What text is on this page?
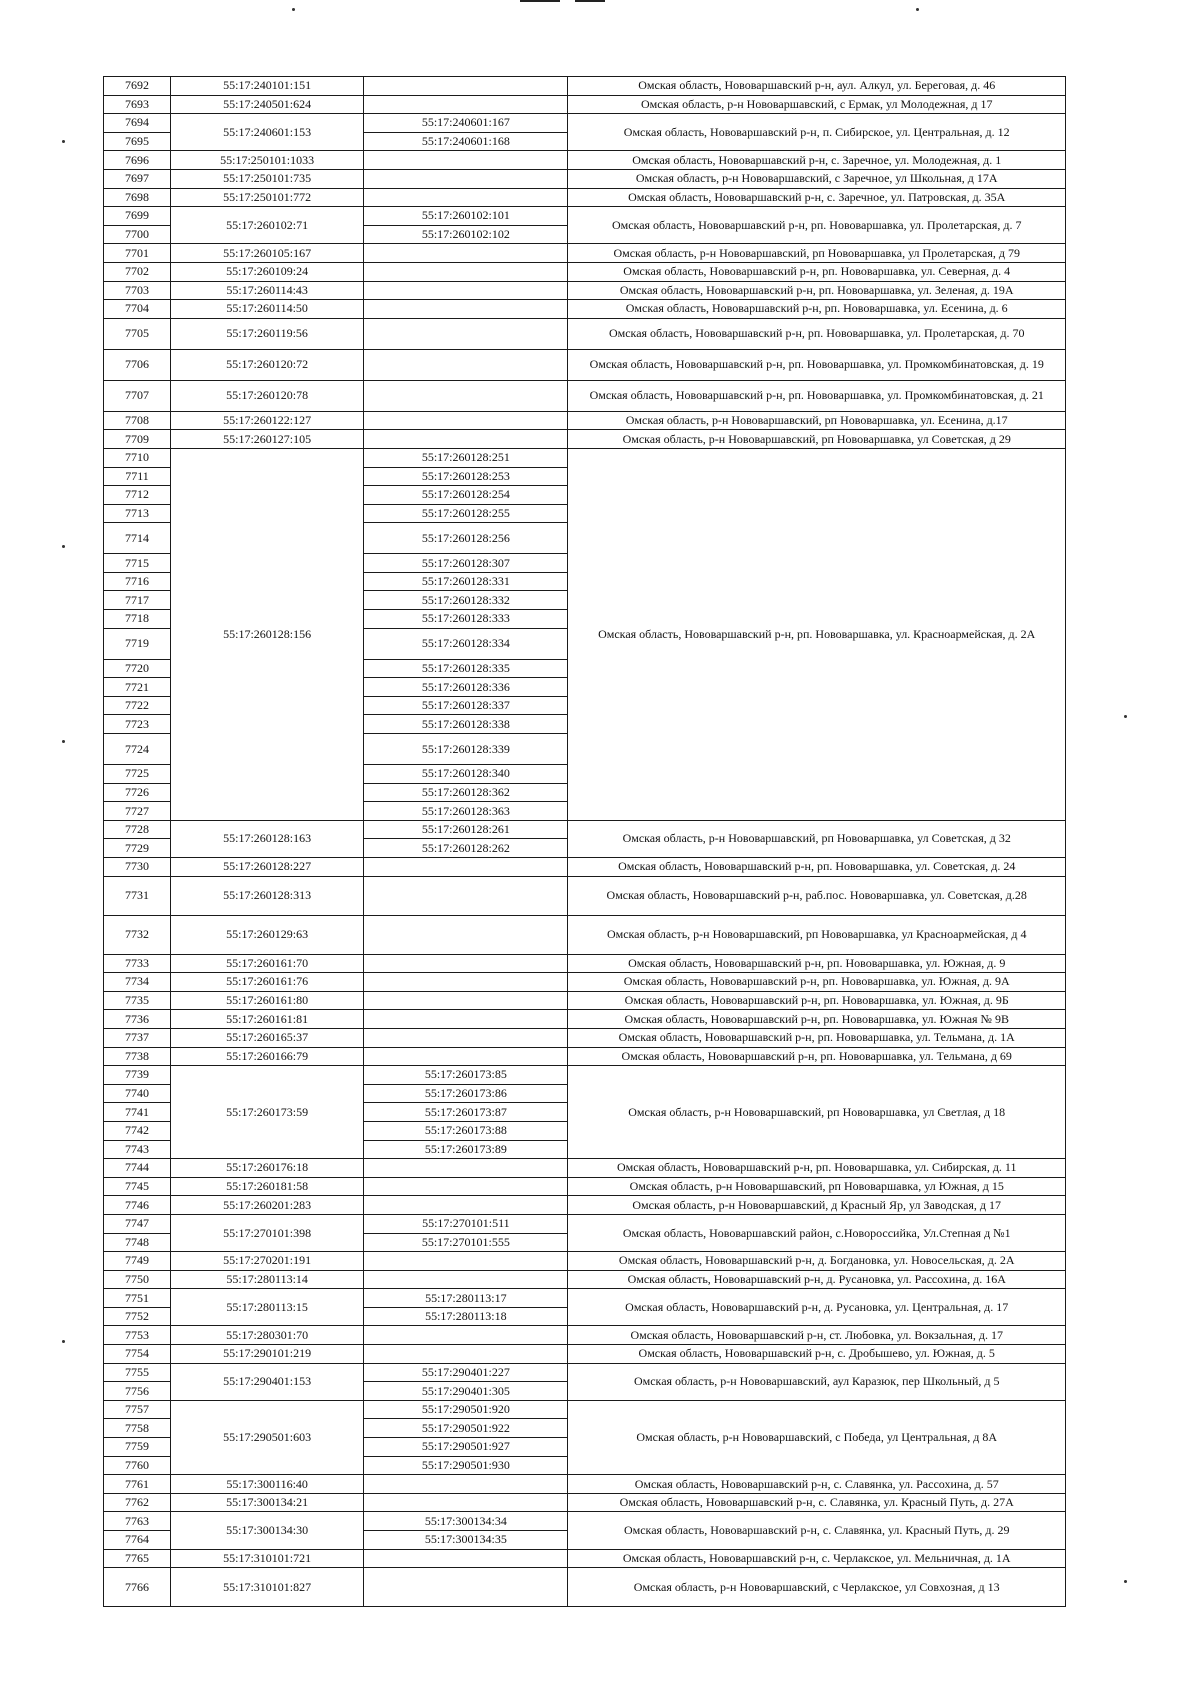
7692	55:17:240101:151		Омская область, Нововаршавский р-н, аул. Алкул, ул. Береговая, д. 46
7693	55:17:240501:624		Омская область, р-н Нововаршавский, с Ермак, ул Молодежная, д 17
7694	55:17:240601:153	55:17:240601:167	Омская область, Нововаршавский р-н, п. Сибирское, ул. Центральная, д. 12
7695		55:17:240601:168	
7696	55:17:250101:1033		Омская область, Нововаршавский р-н, с. Заречное, ул. Молодежная, д. 1
7697	55:17:250101:735		Омская область, р-н Нововаршавский, с Заречное, ул Школьная, д 17А
7698	55:17:250101:772		Омская область, Нововаршавский р-н, с. Заречное, ул. Патровская, д. 35А
7699	55:17:260102:71	55:17:260102:101	Омская область, Нововаршавский р-н, рп. Нововаршавка, ул. Пролетарская, д. 7
7700		55:17:260102:102	
7701	55:17:260105:167		Омская область, р-н Нововаршавский, рп Нововаршавка, ул Пролетарская, д 79
7702	55:17:260109:24		Омская область, Нововаршавский р-н, рп. Нововаршавка, ул. Северная, д. 4
7703	55:17:260114:43		Омская область, Нововаршавский р-н, рп. Нововаршавка, ул. Зеленая, д. 19А
7704	55:17:260114:50		Омская область, Нововаршавский р-н, рп. Нововаршавка, ул. Есенина, д. 6
7705	55:17:260119:56		Омская область, Нововаршавский р-н, рп. Нововаршавка, ул. Пролетарская, д. 70
7706	55:17:260120:72		Омская область, Нововаршавский р-н, рп. Нововаршавка, ул. Промкомбинатовская, д. 19
7707	55:17:260120:78		Омская область, Нововаршавский р-н, рп. Нововаршавка, ул. Промкомбинатовская, д. 21
7708	55:17:260122:127		Омская область, р-н Нововаршавский, рп Нововаршавка, ул. Есенина, д.17
7709	55:17:260127:105		Омская область, р-н Нововаршавский, рп Нововаршавка, ул Советская, д 29
7710	55:17:260128:156	55:17:260128:251	Омская область, Нововаршавский р-н, рп. Нововаршавка, ул. Красноармейская, д. 2А
7711		55:17:260128:253	
7712		55:17:260128:254	
7713		55:17:260128:255	
7714		55:17:260128:256	
7715		55:17:260128:307	
7716		55:17:260128:331	
7717		55:17:260128:332	
7718		55:17:260128:333	
7719		55:17:260128:334	
7720		55:17:260128:335	
7721		55:17:260128:336	
7722		55:17:260128:337	
7723		55:17:260128:338	
7724		55:17:260128:339	
7725		55:17:260128:340	
7726		55:17:260128:362	
7727		55:17:260128:363	
7728	55:17:260128:163	55:17:260128:261	Омская область, р-н Нововаршавский, рп Нововаршавка, ул Советская, д 32
7729		55:17:260128:262	
7730	55:17:260128:227		Омская область, Нововаршавский р-н, рп. Нововаршавка, ул. Советская, д. 24
7731	55:17:260128:313		Омская область, Нововаршавский р-н, раб.пос. Нововаршавка, ул. Советская, д.28
7732	55:17:260129:63		Омская область, р-н Нововаршавский, рп Нововаршавка, ул Красноармейская, д 4
7733	55:17:260161:70		Омская область, Нововаршавский р-н, рп. Нововаршавка, ул. Южная, д. 9
7734	55:17:260161:76		Омская область, Нововаршавский р-н, рп. Нововаршавка, ул. Южная, д. 9А
7735	55:17:260161:80		Омская область, Нововаршавский р-н, рп. Нововаршавка, ул. Южная, д. 9Б
7736	55:17:260161:81		Омская область, Нововаршавский р-н, рп. Нововаршавка, ул. Южная № 9В
7737	55:17:260165:37		Омская область, Нововаршавский р-н, рп. Нововаршавка, ул. Тельмана, д. 1А
7738	55:17:260166:79		Омская область, Нововаршавский р-н, рп. Нововаршавка, ул. Тельмана, д 69
7739	55:17:260173:59	55:17:260173:85	Омская область, р-н Нововаршавский, рп Нововаршавка, ул Светлая, д 18
7740		55:17:260173:86	
7741		55:17:260173:87	
7742		55:17:260173:88	
7743		55:17:260173:89	
7744	55:17:260176:18		Омская область, Нововаршавский р-н, рп. Нововаршавка, ул. Сибирская, д. 11
7745	55:17:260181:58		Омская область, р-н Нововаршавский, рп Нововаршавка, ул Южная, д 15
7746	55:17:260201:283		Омская область, р-н Нововаршавский, д Красный Яр, ул Заводская, д 17
7747	55:17:270101:398	55:17:270101:511	Омская область, Нововаршавский район, с.Новороссийка, Ул.Степная д №1
7748		55:17:270101:555	
7749	55:17:270201:191		Омская область, Нововаршавский р-н, д. Богдановка, ул. Новосельская, д. 2А
7750	55:17:280113:14		Омская область, Нововаршавский р-н, д. Русановка, ул. Рассохина, д. 16А
7751	55:17:280113:15	55:17:280113:17	Омская область, Нововаршавский р-н, д. Русановка, ул. Центральная, д. 17
7752		55:17:280113:18	
7753	55:17:280301:70		Омская область, Нововаршавский р-н, ст. Любовка, ул. Вокзальная, д. 17
7754	55:17:290101:219		Омская область, Нововаршавский р-н, с. Дробышево, ул. Южная, д. 5
7755	55:17:290401:153	55:17:290401:227	Омская область, р-н Нововаршавский, аул Каразюк, пер Школьный, д 5
7756		55:17:290401:305	
7757	55:17:290501:603	55:17:290501:920	Омская область, р-н Нововаршавский, с Победа, ул Центральная, д 8А
7758		55:17:290501:922	
7759		55:17:290501:927	
7760		55:17:290501:930	
7761	55:17:300116:40		Омская область, Нововаршавский р-н, с. Славянка, ул. Рассохина, д. 57
7762	55:17:300134:21		Омская область, Нововаршавский р-н, с. Славянка, ул. Красный Путь, д. 27А
7763	55:17:300134:30	55:17:300134:34	Омская область, Нововаршавский р-н, с. Славянка, ул. Красный Путь, д. 29
7764		55:17:300134:35	
7765	55:17:310101:721		Омская область, Нововаршавский р-н, с. Черлакское, ул. Мельничная, д. 1А
7766	55:17:310101:827		Омская область, р-н Нововаршавский, с Черлакское, ул Совхозная, д 13
